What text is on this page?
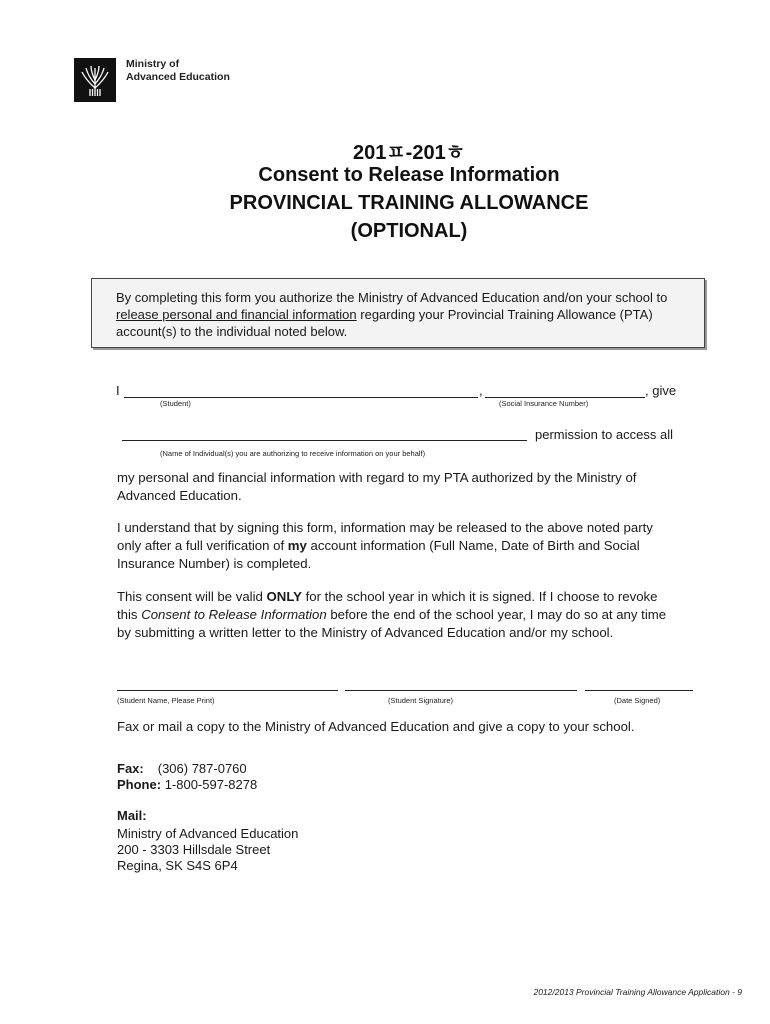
Ministry of
Advanced Education
201ㅍ-201ㅎ
Consent to Release Information
PROVINCIAL TRAINING ALLOWANCE
(OPTIONAL)
By completing this form you authorize the Ministry of Advanced Education and/on your school to release personal and financial information regarding your Provincial Training Allowance (PTA) account(s) to the individual noted below.
I	,	, give
(Student)	(Social Insurance Number)
permission to access all
(Name of Individual(s) you are authorizing to receive information on your behalf)
my personal and financial information with regard to my PTA authorized by the Ministry of Advanced Education.
I understand that by signing this form, information may be released to the above noted party only after a full verification of my account information (Full Name, Date of Birth and Social Insurance Number) is completed.
This consent will be valid ONLY for the school year in which it is signed. If I choose to revoke this Consent to Release Information before the end of the school year, I may do so at any time by submitting a written letter to the Ministry of Advanced Education and/or my school.
(Student Name, Please Print)	(Student Signature)	(Date Signed)
Fax or mail a copy to the Ministry of Advanced Education and give a copy to your school.
Fax: (306) 787-0760
Phone: 1-800-597-8278
Mail:
Ministry of Advanced Education
200 - 3303 Hillsdale Street
Regina, SK S4S 6P4
2012/2013 Provincial Training Allowance Application - 9
